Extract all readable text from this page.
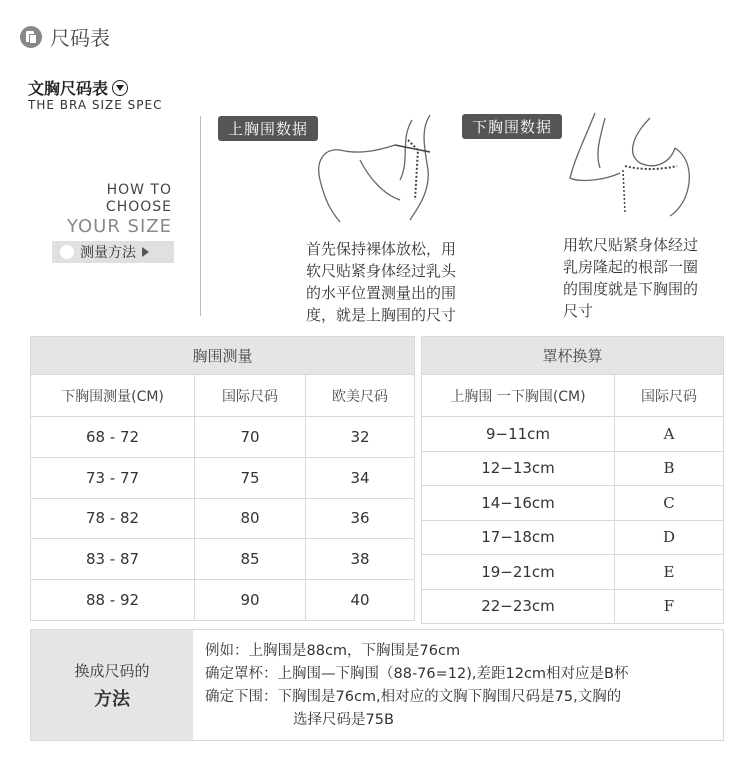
尺码表
文胸尺码表
THE BRA SIZE SPEC
HOW TO
CHOOSE
YOUR SIZE
测量方法
上胸围数据
首先保持裸体放松，用
软尺贴紧身体经过乳头
的水平位置测量出的围
度，就是上胸围的尺寸
下胸围数据
用软尺贴紧身体经过
乳房隆起的根部一圈
的围度就是下胸围的
尺寸
胸围测量		
下胸围测量(CM)	国际尺码	欧美尺码
68 - 72	70	32
73 - 77	75	34
78 - 82	80	36
83 - 87	85	38
88 - 92	90	40
罩杯换算	
上胸围 一下胸围(CM)	国际尺码
9−11cm	A
12−13cm	B
14−16cm	C
17−18cm	D
19−21cm	E
22−23cm	F
换成尺码的
方法
例如：上胸围是88cm，下胸围是76cm
确定罩杯：上胸围—下胸围（88-76=12),差距12cm相对应是B杯
确定下围：下胸围是76cm,相对应的文胸下胸围尺码是75,文胸的
选择尺码是75B
